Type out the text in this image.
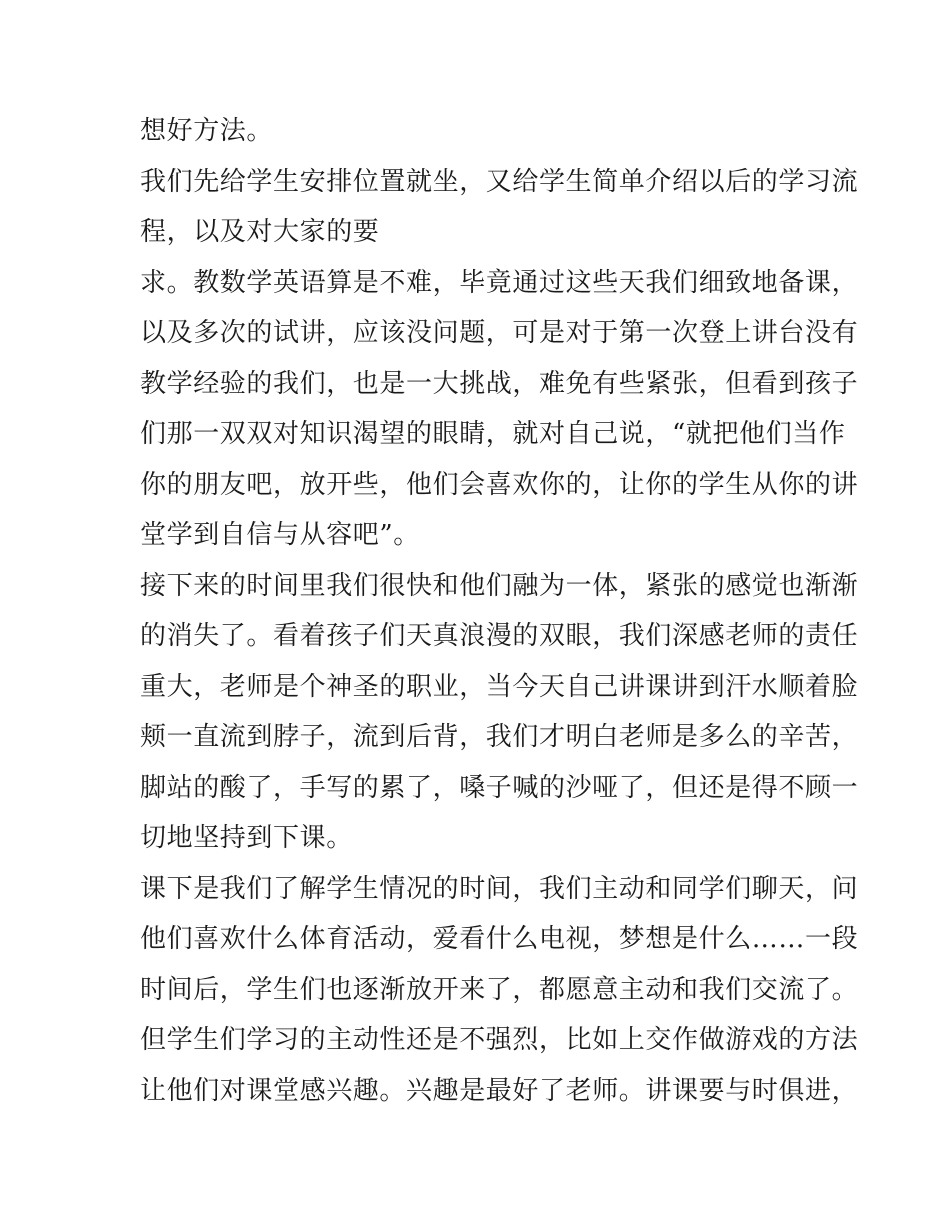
想好方法。
我们先给学生安排位置就坐，又给学生简单介绍以后的学习流
程，以及对大家的要
求。教数学英语算是不难，毕竟通过这些天我们细致地备课，
以及多次的试讲，应该没问题，可是对于第一次登上讲台没有
教学经验的我们，也是一大挑战，难免有些紧张，但看到孩子
们那一双双对知识渴望的眼睛，就对自己说，“就把他们当作
你的朋友吧，放开些，他们会喜欢你的，让你的学生从你的讲
堂学到自信与从容吧”。
接下来的时间里我们很快和他们融为一体，紧张的感觉也渐渐
的消失了。看着孩子们天真浪漫的双眼，我们深感老师的责任
重大，老师是个神圣的职业，当今天自己讲课讲到汗水顺着脸
颊一直流到脖子，流到后背，我们才明白老师是多么的辛苦，
脚站的酸了，手写的累了，嗓子喊的沙哑了，但还是得不顾一
切地坚持到下课。
课下是我们了解学生情况的时间，我们主动和同学们聊天，问
他们喜欢什么体育活动，爱看什么电视，梦想是什么……一段
时间后，学生们也逐渐放开来了，都愿意主动和我们交流了。
但学生们学习的主动性还是不强烈，比如上交作做游戏的方法
让他们对课堂感兴趣。兴趣是最好了老师。讲课要与时俱进，
